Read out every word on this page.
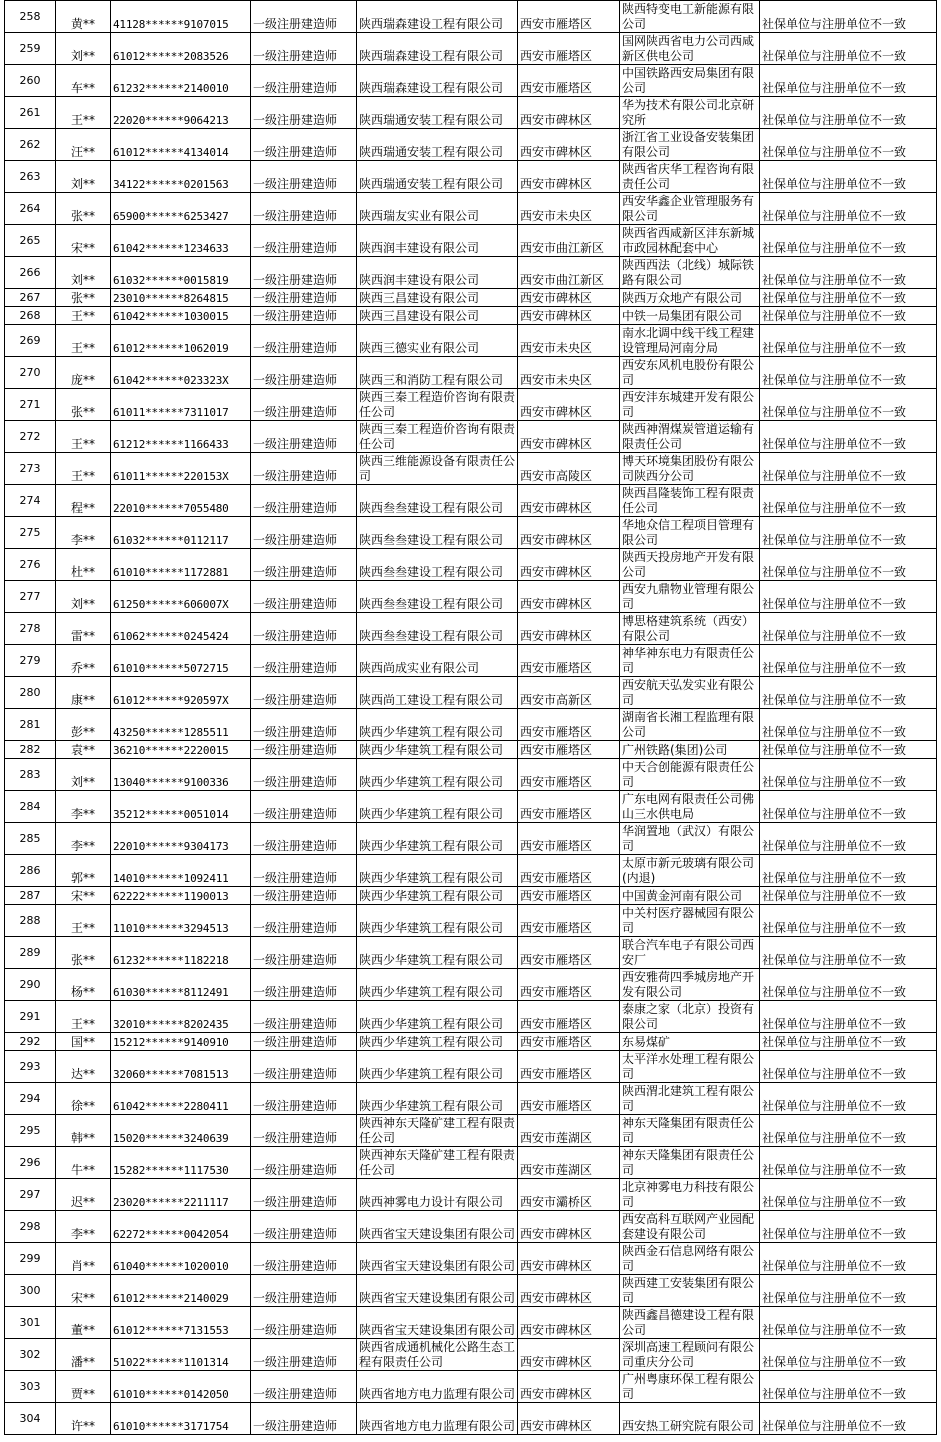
258	黄**	41128******9107015	一级注册建造师	陕西瑞森建设工程有限公司	西安市雁塔区	陕西特变电工新能源有限公司	社保单位与注册单位不一致
259	刘**	61012******2083526	一级注册建造师	陕西瑞森建设工程有限公司	西安市雁塔区	国网陕西省电力公司西咸新区供电公司	社保单位与注册单位不一致
260	车**	61232******2140010	一级注册建造师	陕西瑞森建设工程有限公司	西安市雁塔区	中国铁路西安局集团有限公司	社保单位与注册单位不一致
261	王**	22020******9064213	一级注册建造师	陕西瑞通安装工程有限公司	西安市碑林区	华为技术有限公司北京研究所	社保单位与注册单位不一致
262	汪**	61012******4134014	一级注册建造师	陕西瑞通安装工程有限公司	西安市碑林区	浙江省工业设备安装集团有限公司	社保单位与注册单位不一致
263	刘**	34122******0201563	一级注册建造师	陕西瑞通安装工程有限公司	西安市碑林区	陕西省庆华工程咨询有限责任公司	社保单位与注册单位不一致
264	张**	65900******6253427	一级注册建造师	陕西瑞友实业有限公司	西安市未央区	西安华鑫企业管理服务有限公司	社保单位与注册单位不一致
265	宋**	61042******1234633	一级注册建造师	陕西润丰建设有限公司	西安市曲江新区	陕西省西咸新区沣东新城市政园林配套中心	社保单位与注册单位不一致
266	刘**	61032******0015819	一级注册建造师	陕西润丰建设有限公司	西安市曲江新区	陕西西法（北线）城际铁路有限公司	社保单位与注册单位不一致
267	张**	23010******8264815	一级注册建造师	陕西三昌建设有限公司	西安市碑林区	陕西万众地产有限公司	社保单位与注册单位不一致
268	王**	61042******1030015	一级注册建造师	陕西三昌建设有限公司	西安市碑林区	中铁一局集团有限公司	社保单位与注册单位不一致
269	王**	61012******1062019	一级注册建造师	陕西三德实业有限公司	西安市未央区	南水北调中线干线工程建设管理局河南分局	社保单位与注册单位不一致
270	庞**	61042******023323X	一级注册建造师	陕西三和消防工程有限公司	西安市未央区	西安东风机电股份有限公司	社保单位与注册单位不一致
271	张**	61011******7311017	一级注册建造师	陕西三秦工程造价咨询有限责任公司	西安市碑林区	西安沣东城建开发有限公司	社保单位与注册单位不一致
272	王**	61212******1166433	一级注册建造师	陕西三秦工程造价咨询有限责任公司	西安市碑林区	陕西神渭煤炭管道运输有限责任公司	社保单位与注册单位不一致
273	王**	61011******220153X	一级注册建造师	陕西三维能源设备有限责任公司	西安市高陵区	博天环境集团股份有限公司陕西分公司	社保单位与注册单位不一致
274	程**	22010******7055480	一级注册建造师	陕西叁叁建设工程有限公司	西安市碑林区	陕西昌隆装饰工程有限责任公司	社保单位与注册单位不一致
275	李**	61032******0112117	一级注册建造师	陕西叁叁建设工程有限公司	西安市碑林区	华地众信工程项目管理有限公司	社保单位与注册单位不一致
276	杜**	61010******1172881	一级注册建造师	陕西叁叁建设工程有限公司	西安市碑林区	陕西天投房地产开发有限公司	社保单位与注册单位不一致
277	刘**	61250******606007X	一级注册建造师	陕西叁叁建设工程有限公司	西安市碑林区	西安九鼎物业管理有限公司	社保单位与注册单位不一致
278	雷**	61062******0245424	一级注册建造师	陕西叁叁建设工程有限公司	西安市碑林区	博思格建筑系统（西安）有限公司	社保单位与注册单位不一致
279	乔**	61010******5072715	一级注册建造师	陕西尚成实业有限公司	西安市雁塔区	神华神东电力有限责任公司	社保单位与注册单位不一致
280	康**	61012******920597X	一级注册建造师	陕西尚工建设工程有限公司	西安市高新区	西安航天弘发实业有限公司	社保单位与注册单位不一致
281	彭**	43250******1285511	一级注册建造师	陕西少华建筑工程有限公司	西安市雁塔区	湖南省长湘工程监理有限公司	社保单位与注册单位不一致
282	袁**	36210******2220015	一级注册建造师	陕西少华建筑工程有限公司	西安市雁塔区	广州铁路(集团)公司	社保单位与注册单位不一致
283	刘**	13040******9100336	一级注册建造师	陕西少华建筑工程有限公司	西安市雁塔区	中天合创能源有限责任公司	社保单位与注册单位不一致
284	李**	35212******0051014	一级注册建造师	陕西少华建筑工程有限公司	西安市雁塔区	广东电网有限责任公司佛山三水供电局	社保单位与注册单位不一致
285	李**	22010******9304173	一级注册建造师	陕西少华建筑工程有限公司	西安市雁塔区	华润置地（武汉）有限公司	社保单位与注册单位不一致
286	郭**	14010******1092411	一级注册建造师	陕西少华建筑工程有限公司	西安市雁塔区	太原市新元玻璃有限公司(内退)	社保单位与注册单位不一致
287	宋**	62222******1190013	一级注册建造师	陕西少华建筑工程有限公司	西安市雁塔区	中国黄金河南有限公司	社保单位与注册单位不一致
288	王**	11010******3294513	一级注册建造师	陕西少华建筑工程有限公司	西安市雁塔区	中关村医疗器械园有限公司	社保单位与注册单位不一致
289	张**	61232******1182218	一级注册建造师	陕西少华建筑工程有限公司	西安市雁塔区	联合汽车电子有限公司西安厂	社保单位与注册单位不一致
290	杨**	61030******8112491	一级注册建造师	陕西少华建筑工程有限公司	西安市雁塔区	西安雅荷四季城房地产开发有限公司	社保单位与注册单位不一致
291	王**	32010******8202435	一级注册建造师	陕西少华建筑工程有限公司	西安市雁塔区	泰康之家（北京）投资有限公司	社保单位与注册单位不一致
292	国**	15212******9140910	一级注册建造师	陕西少华建筑工程有限公司	西安市雁塔区	东易煤矿	社保单位与注册单位不一致
293	达**	32060******7081513	一级注册建造师	陕西少华建筑工程有限公司	西安市雁塔区	太平洋水处理工程有限公司	社保单位与注册单位不一致
294	徐**	61042******2280411	一级注册建造师	陕西少华建筑工程有限公司	西安市雁塔区	陕西渭北建筑工程有限公司	社保单位与注册单位不一致
295	韩**	15020******3240639	一级注册建造师	陕西神东天隆矿建工程有限责任公司	西安市莲湖区	神东天隆集团有限责任公司	社保单位与注册单位不一致
296	牛**	15282******1117530	一级注册建造师	陕西神东天隆矿建工程有限责任公司	西安市莲湖区	神东天隆集团有限责任公司	社保单位与注册单位不一致
297	迟**	23020******2211117	一级注册建造师	陕西神雾电力设计有限公司	西安市灞桥区	北京神雾电力科技有限公司	社保单位与注册单位不一致
298	李**	62272******0042054	一级注册建造师	陕西省宝天建设集团有限公司	西安市碑林区	西安高科互联网产业园配套建设有限公司	社保单位与注册单位不一致
299	肖**	61040******1020010	一级注册建造师	陕西省宝天建设集团有限公司	西安市碑林区	陕西金石信息网络有限公司	社保单位与注册单位不一致
300	宋**	61012******2140029	一级注册建造师	陕西省宝天建设集团有限公司	西安市碑林区	陕西建工安装集团有限公司	社保单位与注册单位不一致
301	董**	61012******7131553	一级注册建造师	陕西省宝天建设集团有限公司	西安市碑林区	陕西鑫昌德建设工程有限公司	社保单位与注册单位不一致
302	潘**	51022******1101314	一级注册建造师	陕西省成通机械化公路生态工程有限责任公司	西安市碑林区	深圳高速工程顾问有限公司重庆分公司	社保单位与注册单位不一致
303	贾**	61010******0142050	一级注册建造师	陕西省地方电力监理有限公司	西安市碑林区	广州粤康环保工程有限公司	社保单位与注册单位不一致
304	许**	61010******3171754	一级注册建造师	陕西省地方电力监理有限公司	西安市碑林区	西安热工研究院有限公司	社保单位与注册单位不一致
